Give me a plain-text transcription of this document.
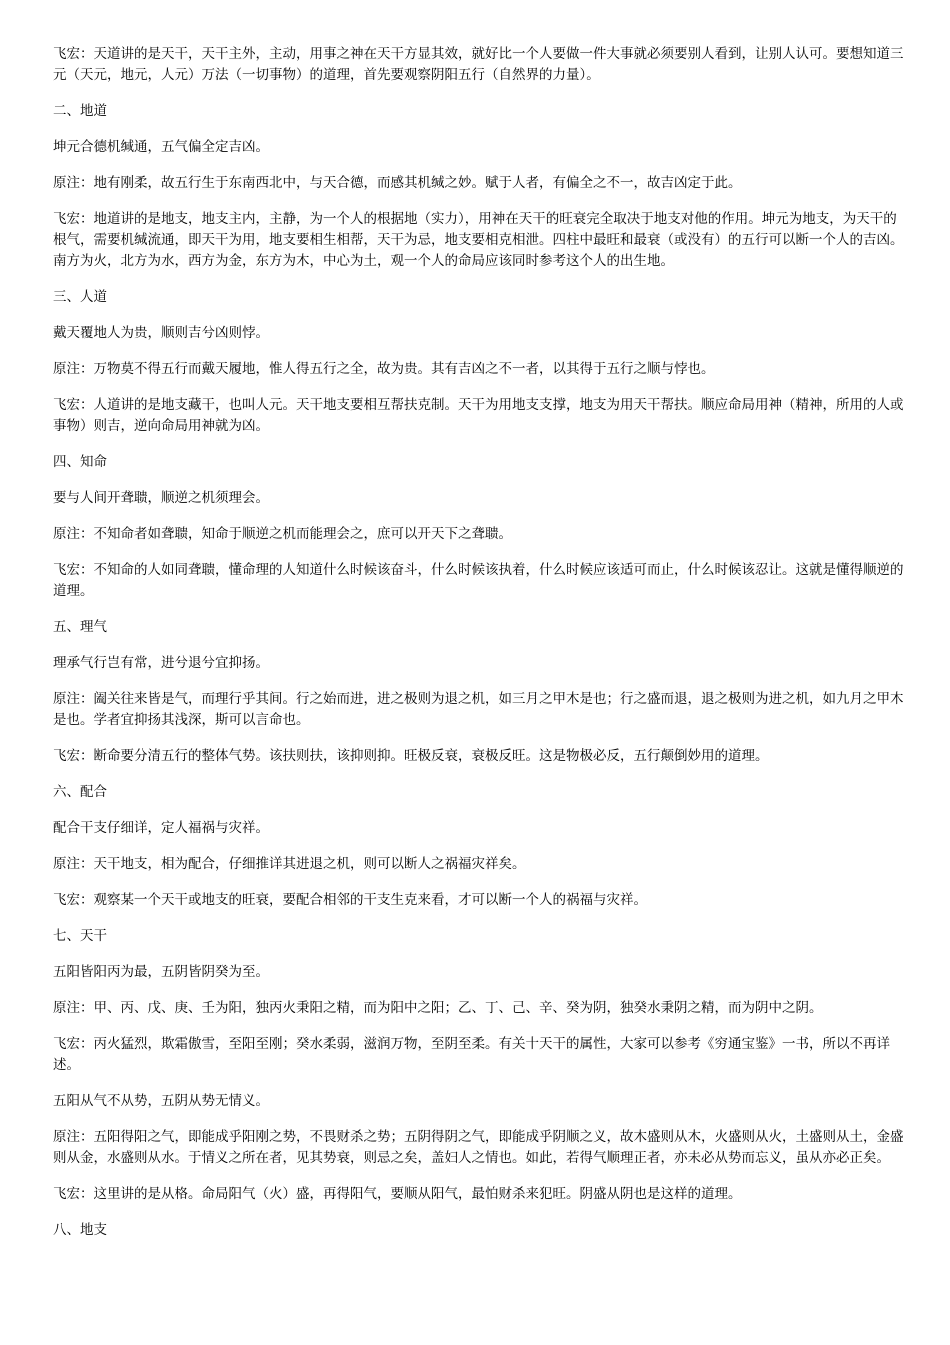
飞宏：天道讲的是天干，天干主外，主动，用事之神在天干方显其效，就好比一个人要做一件大事就必须要别人看到，让别人认可。要想知道三元（天元，地元，人元）万法（一切事物）的道理，首先要观察阴阳五行（自然界的力量）。

二、地道

坤元合德机缄通，五气偏全定吉凶。

原注：地有刚柔，故五行生于东南西北中，与天合德，而感其机缄之妙。赋于人者，有偏全之不一，故吉凶定于此。

飞宏：地道讲的是地支，地支主内，主静，为一个人的根据地（实力），用神在天干的旺衰完全取决于地支对他的作用。坤元为地支，为天干的根气，需要机缄流通，即天干为用，地支要相生相帮，天干为忌，地支要相克相泄。四柱中最旺和最衰（或没有）的五行可以断一个人的吉凶。南方为火，北方为水，西方为金，东方为木，中心为土，观一个人的命局应该同时参考这个人的出生地。

三、人道

戴天覆地人为贵，顺则吉兮凶则悖。

原注：万物莫不得五行而戴天履地，惟人得五行之全，故为贵。其有吉凶之不一者，以其得于五行之顺与悖也。

飞宏：人道讲的是地支藏干，也叫人元。天干地支要相互帮扶克制。天干为用地支支撑，地支为用天干帮扶。顺应命局用神（精神，所用的人或事物）则吉，逆向命局用神就为凶。

四、知命

要与人间开聋聩，顺逆之机须理会。

原注：不知命者如聋聩，知命于顺逆之机而能理会之，庶可以开天下之聋聩。

飞宏：不知命的人如同聋聩，懂命理的人知道什么时候该奋斗，什么时候该执着，什么时候应该适可而止，什么时候该忍让。这就是懂得顺逆的道理。

五、理气

理承气行岂有常，进兮退兮宜抑扬。

原注：阖关往来皆是气，而理行乎其间。行之始而进，进之极则为退之机，如三月之甲木是也；行之盛而退，退之极则为进之机，如九月之甲木是也。学者宜抑扬其浅深，斯可以言命也。

飞宏：断命要分清五行的整体气势。该扶则扶，该抑则抑。旺极反衰，衰极反旺。这是物极必反，五行颠倒妙用的道理。

六、配合

配合干支仔细详，定人福祸与灾祥。

原注：天干地支，相为配合，仔细推详其进退之机，则可以断人之祸福灾祥矣。

飞宏：观察某一个天干或地支的旺衰，要配合相邻的干支生克来看，才可以断一个人的祸福与灾祥。

七、天干

五阳皆阳丙为最，五阴皆阴癸为至。

原注：甲、丙、戊、庚、壬为阳，独丙火秉阳之精，而为阳中之阳；乙、丁、己、辛、癸为阴，独癸水秉阴之精，而为阴中之阴。

飞宏：丙火猛烈，欺霜傲雪，至阳至刚；癸水柔弱，滋润万物，至阴至柔。有关十天干的属性，大家可以参考《穷通宝鉴》一书，所以不再详述。

五阳从气不从势，五阴从势无情义。

原注：五阳得阳之气，即能成乎阳刚之势，不畏财杀之势；五阴得阴之气，即能成乎阴顺之义，故木盛则从木，火盛则从火，土盛则从土，金盛则从金，水盛则从水。于情义之所在者，见其势衰，则忌之矣，盖妇人之情也。如此，若得气顺理正者，亦未必从势而忘义，虽从亦必正矣。

飞宏：这里讲的是从格。命局阳气（火）盛，再得阳气，要顺从阳气，最怕财杀来犯旺。阴盛从阴也是这样的道理。

八、地支
